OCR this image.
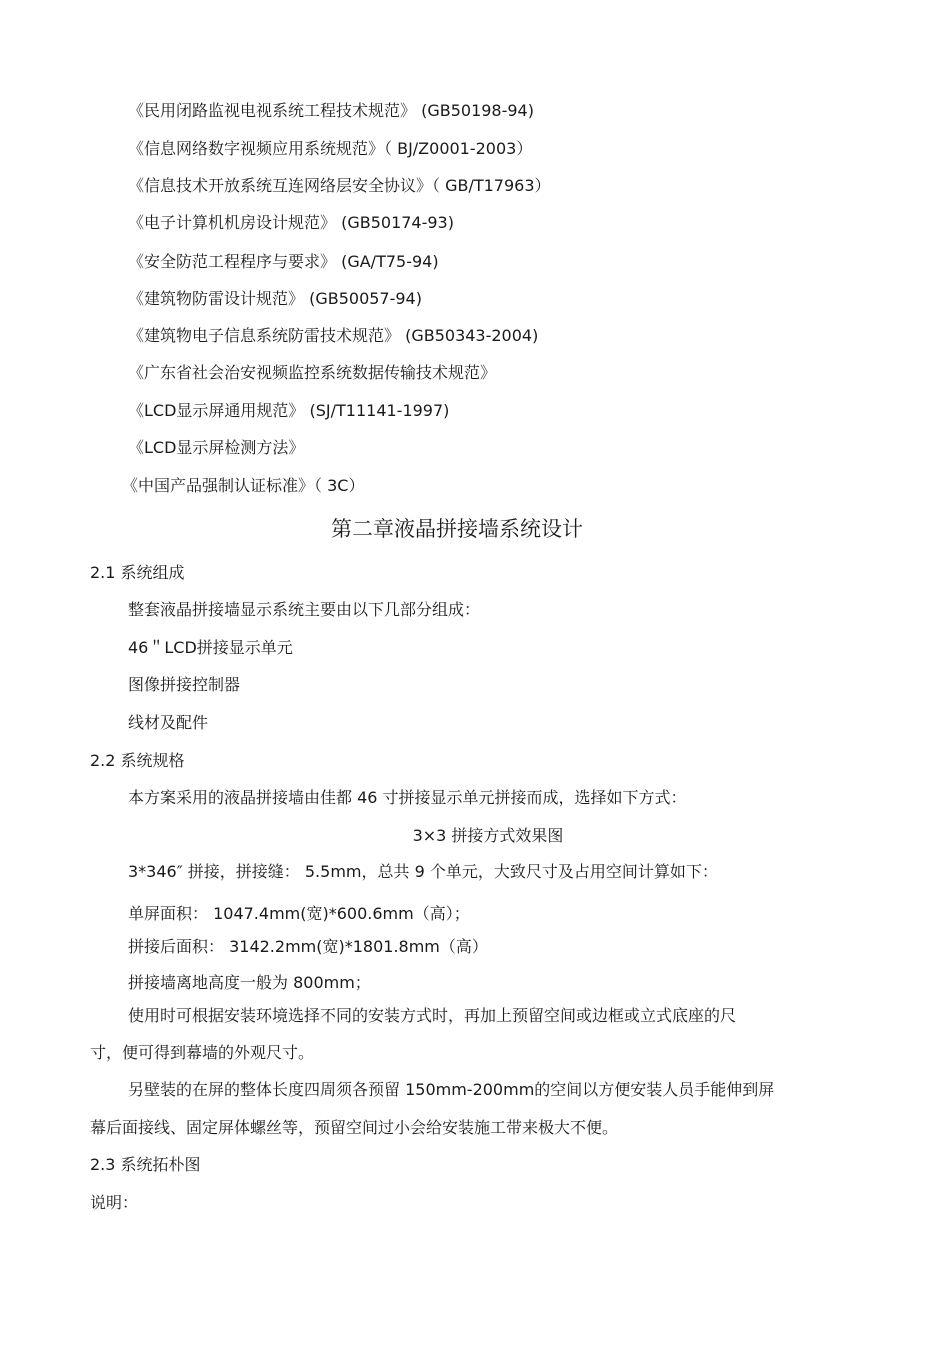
《民用闭路监视电视系统工程技术规范》 (GB50198-94)
《信息网络数字视频应用系统规范》（ BJ/Z0001-2003）
《信息技术开放系统互连网络层安全协议》（ GB/T17963）
《电子计算机机房设计规范》 (GB50174-93)
《安全防范工程程序与要求》 (GA/T75-94)
《建筑物防雷设计规范》 (GB50057-94)
《建筑物电子信息系统防雷技术规范》 (GB50343-2004)
《广东省社会治安视频监控系统数据传输技术规范》
《LCD显示屏通用规范》 (SJ/T11141-1997)
《LCD显示屏检测方法》
《中国产品强制认证标准》（ 3C）
第二章液晶拼接墙系统设计
2.1 系统组成
整套液晶拼接墙显示系统主要由以下几部分组成：
46＂LCD拼接显示单元
图像拼接控制器
线材及配件
2.2 系统规格
本方案采用的液晶拼接墙由佳都 46 寸拼接显示单元拼接而成，选择如下方式：
3×3 拼接方式效果图
3*346″ 拼接，拼接缝： 5.5mm，总共 9 个单元，大致尺寸及占用空间计算如下：
单屏面积： 1047.4mm(宽)*600.6mm（高）；
拼接后面积： 3142.2mm(宽)*1801.8mm（高）
拼接墙离地高度一般为 800mm；
使用时可根据安装环境选择不同的安装方式时，再加上预留空间或边框或立式底座的尺
寸，便可得到幕墙的外观尺寸。
另壁装的在屏的整体长度四周须各预留 150mm-200mm的空间以方便安装人员手能伸到屏
幕后面接线、固定屏体螺丝等，预留空间过小会给安装施工带来极大不便。
2.3 系统拓朴图
说明：
